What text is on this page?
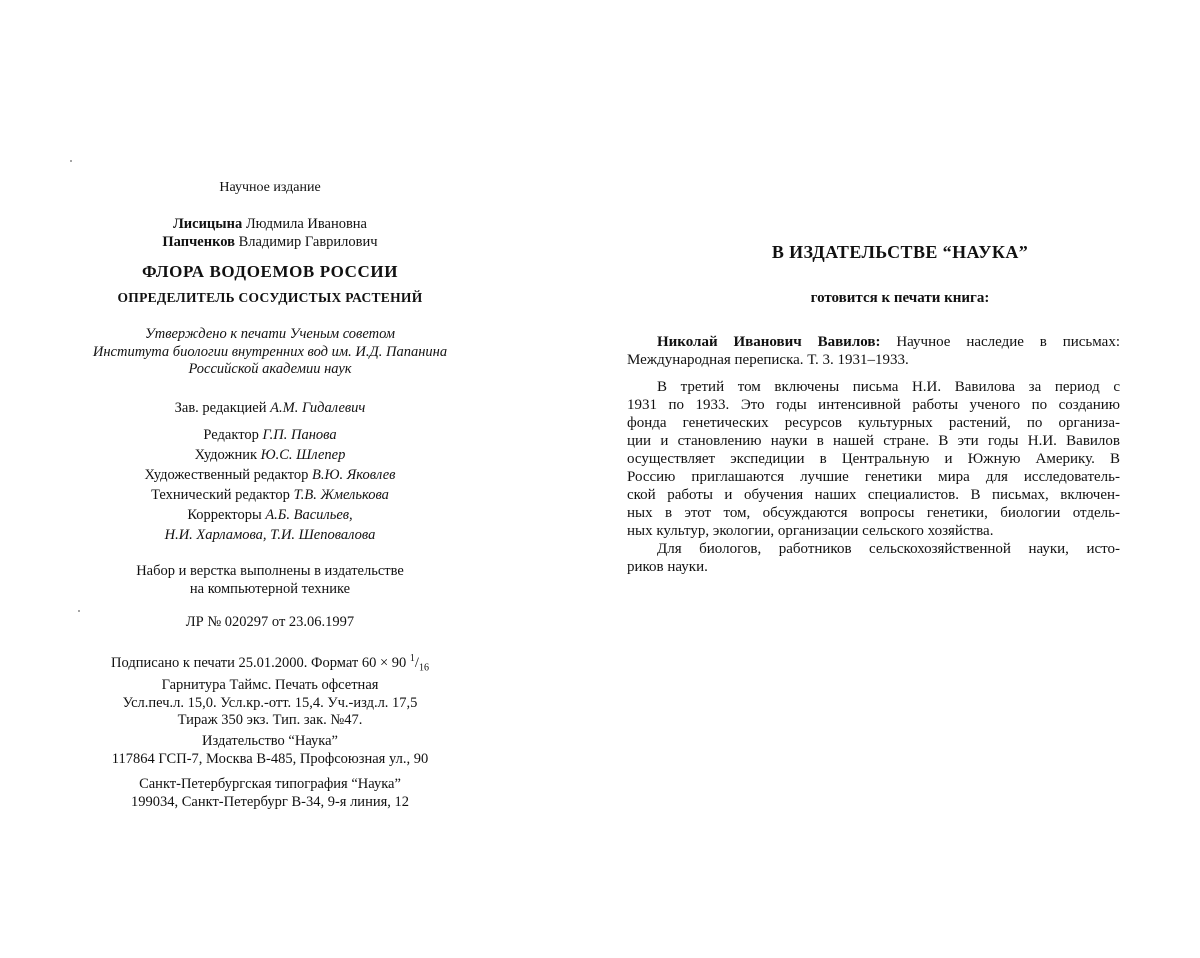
Научное издание
Лисицына Людмила Ивановна
Папченков Владимир Гаврилович
ФЛОРА ВОДОЕМОВ РОССИИ
ОПРЕДЕЛИТЕЛЬ СОСУДИСТЫХ РАСТЕНИЙ
Утверждено к печати Ученым советом
Института биологии внутренних вод им. И.Д. Папанина
Российской академии наук
Зав. редакцией А.М. Гидалевич
Редактор Г.П. Панова
Художник Ю.С. Шлепер
Художественный редактор В.Ю. Яковлев
Технический редактор Т.В. Жмелькова
Корректоры А.Б. Васильев,
Н.И. Харламова, Т.И. Шеповалова
Набор и верстка выполнены в издательстве
на компьютерной технике
ЛР № 020297 от 23.06.1997
Подписано к печати 25.01.2000. Формат 60 × 90 $^1/_{16}$
Гарнитура Таймс. Печать офсетная
Усл.печ.л. 15,0. Усл.кр.-отт. 15,4. Уч.-изд.л. 17,5
Тираж 350 экз. Тип. зак. №47.
Издательство “Наука”
117864 ГСП-7, Москва В-485, Профсоюзная ул., 90
Санкт-Петербургская типография “Наука”
199034, Санкт-Петербург В-34, 9-я линия, 12
В ИЗДАТЕЛЬСТВЕ “НАУКА”
готовится к печати книга:
Николай Иванович Вавилов: Научное наследие в письмах:
Международная переписка. Т. 3. 1931–1933.
В третий том включены письма Н.И. Вавилова за период с
1931 по 1933. Это годы интенсивной работы ученого по созданию
фонда генетических ресурсов культурных растений, по организа-
ции и становлению науки в нашей стране. В эти годы Н.И. Вавилов
осуществляет экспедиции в Центральную и Южную Америку. В
Россию приглашаются лучшие генетики мира для исследователь-
ской работы и обучения наших специалистов. В письмах, включен-
ных в этот том, обсуждаются вопросы генетики, биологии отдель-
ных культур, экологии, организации сельского хозяйства.
Для биологов, работников сельскохозяйственной науки, исто-
риков науки.
